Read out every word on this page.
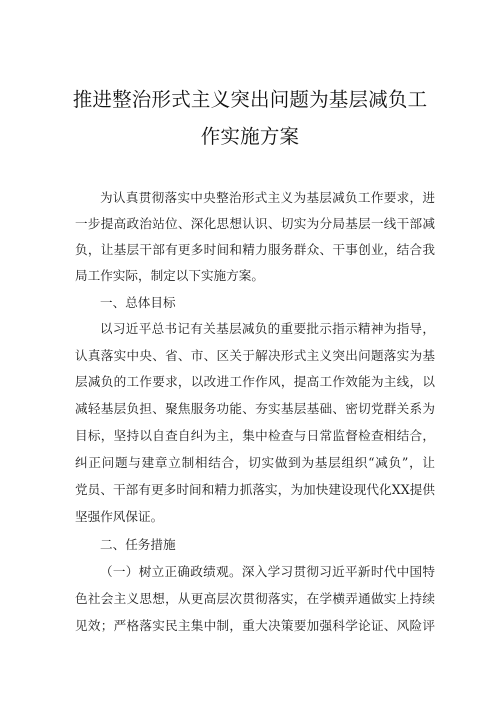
推进整治形式主义突出问题为基层减负工
作实施方案
为认真贯彻落实中央整治形式主义为基层减负工作要求，进
一步提高政治站位、深化思想认识、切实为分局基层一线干部减
负，让基层干部有更多时间和精力服务群众、干事创业，结合我
局工作实际，制定以下实施方案。
一、总体目标
以习近平总书记有关基层减负的重要批示指示精神为指导，
认真落实中央、省、市、区关于解决形式主义突出问题落实为基
层减负的工作要求，以改进工作作风，提高工作效能为主线，以
减轻基层负担、聚焦服务功能、夯实基层基础、密切党群关系为
目标，坚持以自查自纠为主，集中检查与日常监督检查相结合，
纠正问题与建章立制相结合，切实做到为基层组织“减负”，让
党员、干部有更多时间和精力抓落实，为加快建设现代化XX提供
坚强作风保证。
二、任务措施
（一）树立正确政绩观。深入学习贯彻习近平新时代中国特
色社会主义思想，从更高层次贯彻落实，在学横弄通做实上持续
见效；严格落实民主集中制，重大决策要加强科学论证、风险评
